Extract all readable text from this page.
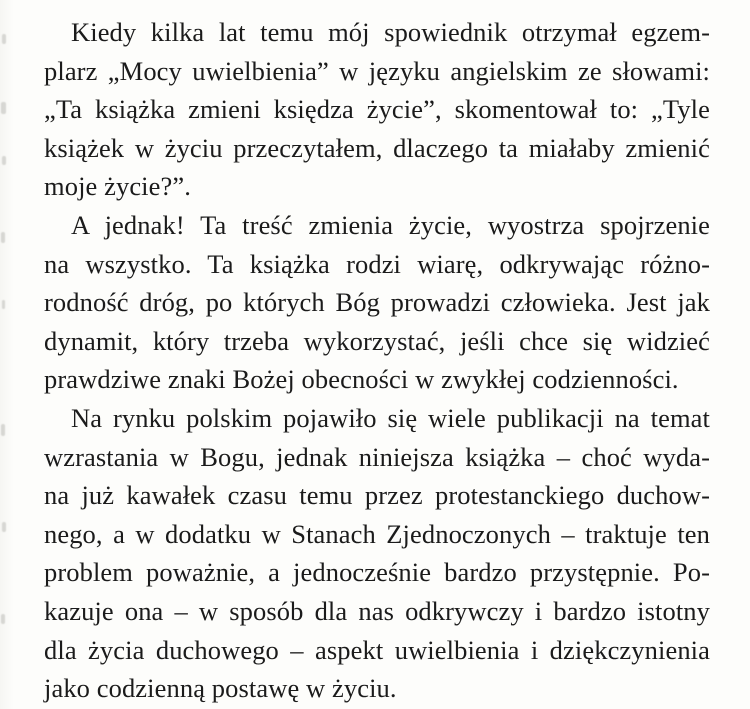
Kiedy kilka lat temu mój spowiednik otrzymał egzem-
plarz „Mocy uwielbienia” w języku angielskim ze słowami:
„Ta książka zmieni księdza życie”, skomentował to: „Tyle
książek w życiu przeczytałem, dlaczego ta miałaby zmienić
moje życie?”.

A jednak! Ta treść zmienia życie, wyostrza spojrzenie
na wszystko. Ta książka rodzi wiarę, odkrywając różno-
rodność dróg, po których Bóg prowadzi człowieka. Jest jak
dynamit, który trzeba wykorzystać, jeśli chce się widzieć
prawdziwe znaki Bożej obecności w zwykłej codzienności.

Na rynku polskim pojawiło się wiele publikacji na temat
wzrastania w Bogu, jednak niniejsza książka – choć wyda-
na już kawałek czasu temu przez protestanckiego duchow-
nego, a w dodatku w Stanach Zjednoczonych – traktuje ten
problem poważnie, a jednocześnie bardzo przystępnie. Po-
kazuje ona – w sposób dla nas odkrywczy i bardzo istotny
dla życia duchowego – aspekt uwielbienia i dziękczynienia
jako codzienną postawę w życiu.
